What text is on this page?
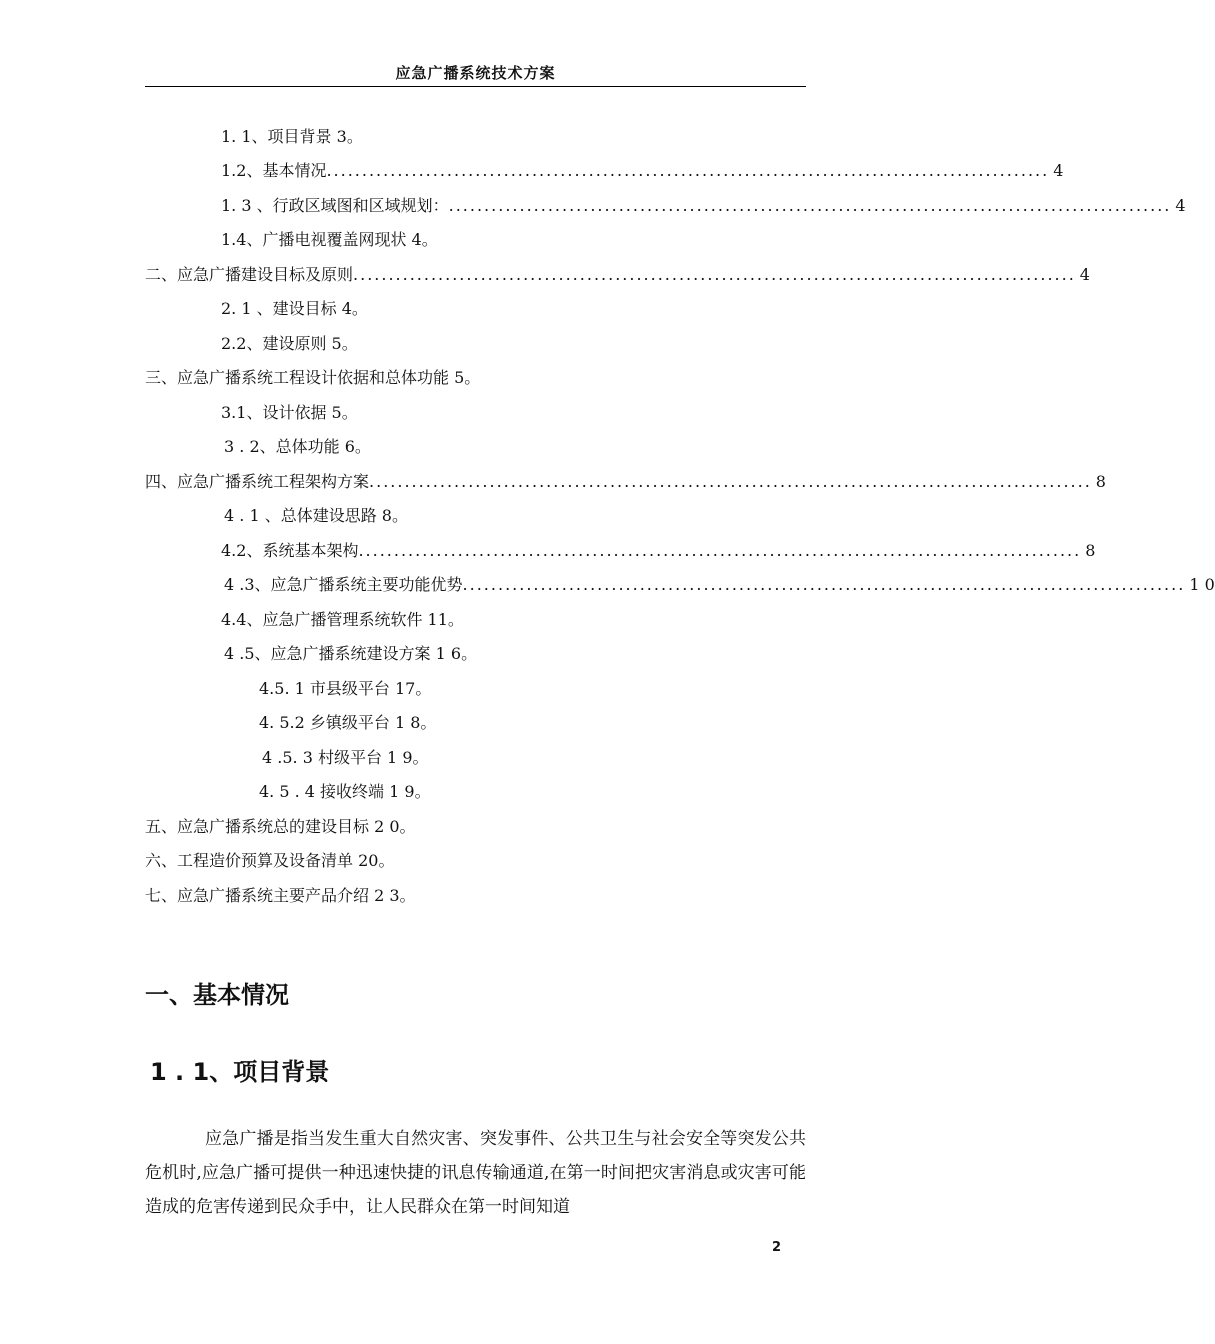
应急广播系统技术方案
1. 1、项目背景 3。
1.2、基本情况 ...................................................................................................... 4
1. 3 、行政区域图和区域规划： ...................................................................................................... 4
1.4、广播电视覆盖网现状 4。
二、应急广播建设目标及原则 ...................................................................................................... 4
2. 1 、建设目标 4。
2.2、建设原则 5。
三、应急广播系统工程设计依据和总体功能 5。
3.1、设计依据 5。
3 . 2、总体功能 6。
四、应急广播系统工程架构方案 ...................................................................................................... 8
4 . 1 、总体建设思路 8。
4.2、系统基本架构 ...................................................................................................... 8
4 .3、应急广播系统主要功能优势 ...................................................................................................... 1 0
4.4、应急广播管理系统软件 11。
4 .5、应急广播系统建设方案 1 6。
4.5. 1 市县级平台 17。
4. 5.2 乡镇级平台 1 8。
4 .5. 3 村级平台 1 9。
4. 5 . 4 接收终端 1 9。
五、应急广播系统总的建设目标 2 0。
六、工程造价预算及设备清单 20。
七、应急广播系统主要产品介绍 2 3。
一、基本情况
1 . 1、项目背景

应急广播是指当发生重大自然灾害、突发事件、公共卫生与社会安全等突发公共危机时,应急广播可提供一种迅速快捷的讯息传输通道,在第一时间把灾害消息或灾害可能造成的危害传递到民众手中，让人民群众在第一时间知道

2
